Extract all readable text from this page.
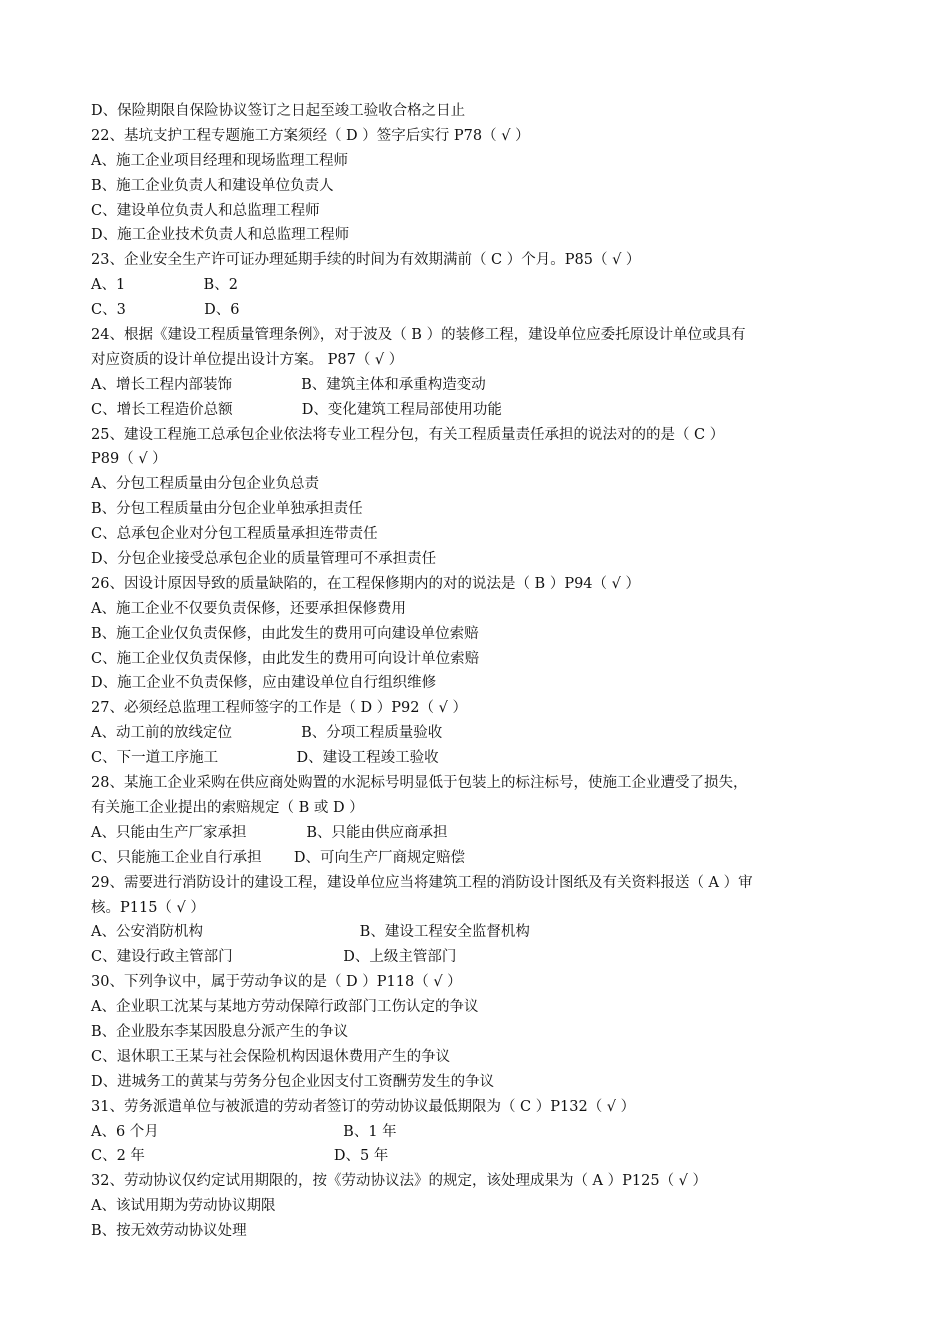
D、保险期限自保险协议签订之日起至竣工验收合格之日止
22、基坑支护工程专题施工方案须经（ D ）签字后实行 P78（ √ ）
A、施工企业项目经理和现场监理工程师
B、施工企业负责人和建设单位负责人
C、建设单位负责人和总监理工程师
D、施工企业技术负责人和总监理工程师
23、企业安全生产许可证办理延期手续的时间为有效期满前（ C ）个月。P85（ √ ）
A、1                 B、2
C、3                 D、6
24、根据《建设工程质量管理条例》，对于波及（ B ）的装修工程，建设单位应委托原设计单位或具有
对应资质的设计单位提出设计方案。 P87（ √ ）
A、增长工程内部装饰               B、建筑主体和承重构造变动
C、增长工程造价总额               D、变化建筑工程局部使用功能
25、建设工程施工总承包企业依法将专业工程分包，有关工程质量责任承担的说法对的的是（ C ）
P89（ √ ）
A、分包工程质量由分包企业负总责
B、分包工程质量由分包企业单独承担责任
C、总承包企业对分包工程质量承担连带责任
D、分包企业接受总承包企业的质量管理可不承担责任
26、因设计原因导致的质量缺陷的，在工程保修期内的对的说法是（ B ）P94（ √ ）
A、施工企业不仅要负责保修，还要承担保修费用
B、施工企业仅负责保修，由此发生的费用可向建设单位索赔
C、施工企业仅负责保修，由此发生的费用可向设计单位索赔
D、施工企业不负责保修，应由建设单位自行组织维修
27、必须经总监理工程师签字的工作是（ D ）P92（ √ ）
A、动工前的放线定位               B、分项工程质量验收
C、下一道工序施工                 D、建设工程竣工验收
28、某施工企业采购在供应商处购置的水泥标号明显低于包装上的标注标号，使施工企业遭受了损失，
有关施工企业提出的索赔规定（ B 或 D ）
A、只能由生产厂家承担             B、只能由供应商承担
C、只能施工企业自行承担       D、可向生产厂商规定赔偿
29、需要进行消防设计的建设工程，建设单位应当将建筑工程的消防设计图纸及有关资料报送（ A ）审
核。P115（ √ ）
A、公安消防机构                                  B、建设工程安全监督机构
C、建设行政主管部门                        D、上级主管部门
30、下列争议中，属于劳动争议的是（ D ）P118（ √ ）
A、企业职工沈某与某地方劳动保障行政部门工伤认定的争议
B、企业股东李某因股息分派产生的争议
C、退休职工王某与社会保险机构因退休费用产生的争议
D、进城务工的黄某与劳务分包企业因支付工资酬劳发生的争议
31、劳务派遣单位与被派遣的劳动者签订的劳动协议最低期限为（ C ）P132（ √ ）
A、6 个月                                        B、1 年
C、2 年                                         D、5 年
32、劳动协议仅约定试用期限的，按《劳动协议法》的规定，该处理成果为（ A ）P125（ √ ）
A、该试用期为劳动协议期限
B、按无效劳动协议处理
